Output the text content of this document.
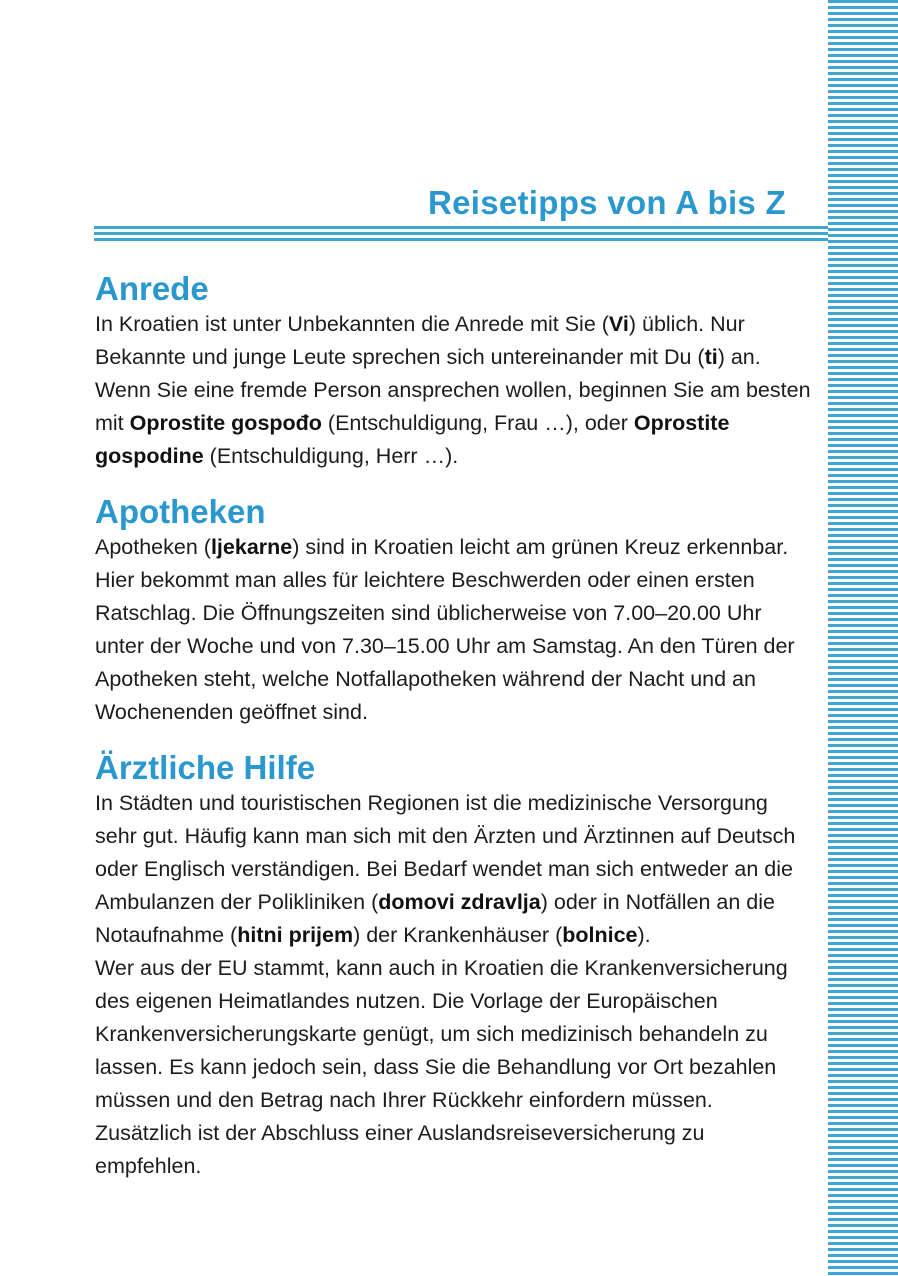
Reisetipps von A bis Z
Anrede

In Kroatien ist unter Unbekannten die Anrede mit Sie (Vi) üblich. Nur Bekannte und junge Leute sprechen sich untereinander mit Du (ti) an. Wenn Sie eine fremde Person ansprechen wollen, beginnen Sie am besten mit Oprostite gospođo (Entschuldigung, Frau …), oder Oprostite gospodine (Entschuldigung, Herr …).

Apotheken

Apotheken (ljekarne) sind in Kroatien leicht am grünen Kreuz erkennbar. Hier bekommt man alles für leichtere Beschwerden oder einen ersten Ratschlag. Die Öffnungszeiten sind üblicherweise von 7.00–20.00 Uhr unter der Woche und von 7.30–15.00 Uhr am Samstag. An den Türen der Apotheken steht, welche Notfallapotheken während der Nacht und an Wochenenden geöffnet sind.

Ärztliche Hilfe

In Städten und touristischen Regionen ist die medizinische Versorgung sehr gut. Häufig kann man sich mit den Ärzten und Ärztinnen auf Deutsch oder Englisch verständigen. Bei Bedarf wendet man sich entweder an die Ambulanzen der Polikliniken (domovi zdravlja) oder in Notfällen an die Notaufnahme (hitni prijem) der Krankenhäuser (bolnice).

Wer aus der EU stammt, kann auch in Kroatien die Krankenversicherung des eigenen Heimatlandes nutzen. Die Vorlage der Europäischen Krankenversicherungskarte genügt, um sich medizinisch behandeln zu lassen. Es kann jedoch sein, dass Sie die Behandlung vor Ort bezahlen müssen und den Betrag nach Ihrer Rückkehr einfordern müssen. Zusätzlich ist der Abschluss einer Auslandsreiseversicherung zu empfehlen.
